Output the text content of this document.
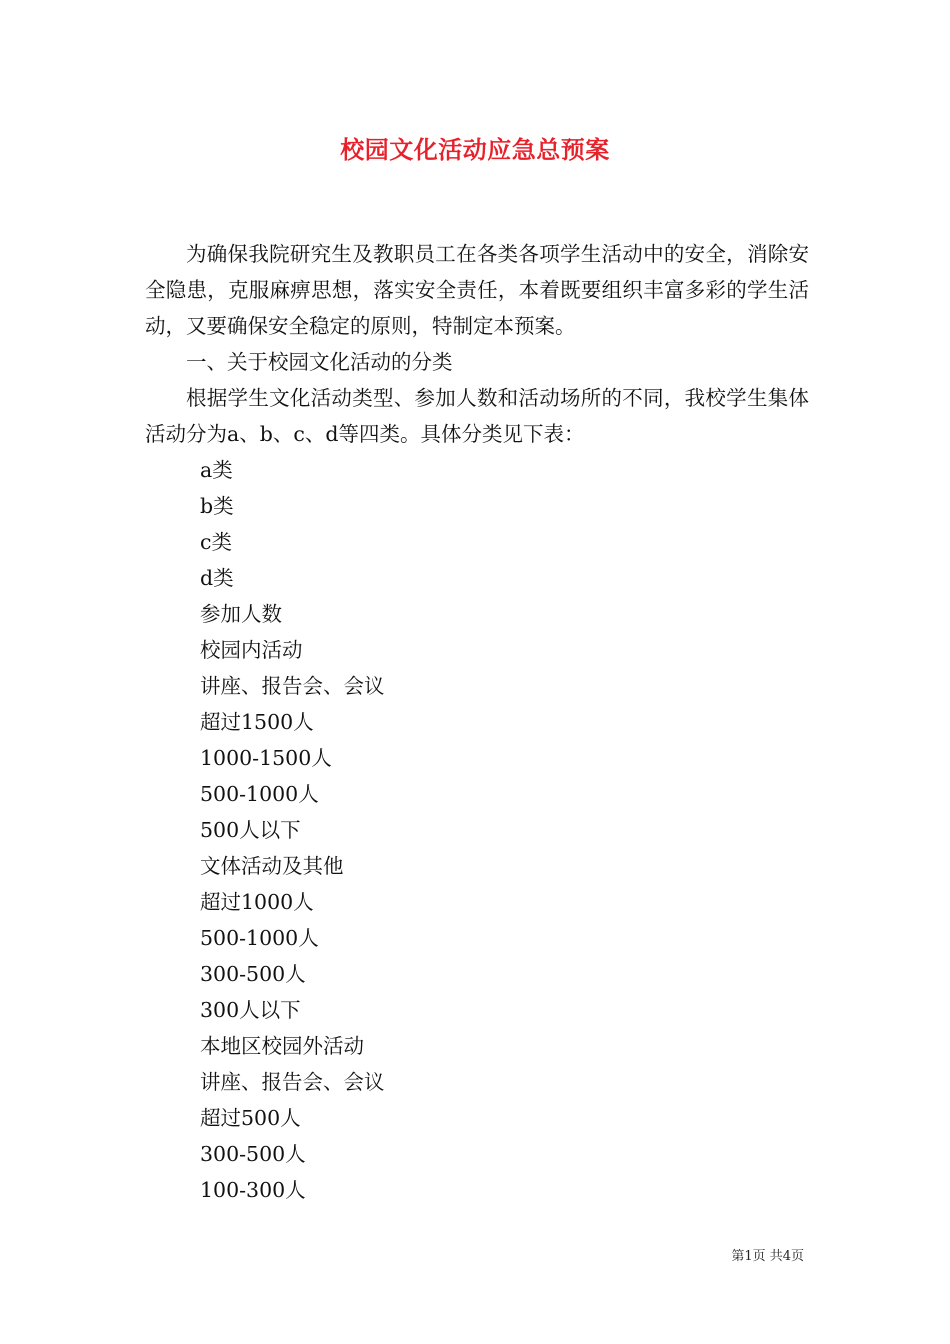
校园文化活动应急总预案

为确保我院研究生及教职员工在各类各项学生活动中的安全，消除安全隐患，克服麻痹思想，落实安全责任，本着既要组织丰富多彩的学生活动，又要确保安全稳定的原则，特制定本预案。

一、关于校园文化活动的分类

根据学生文化活动类型、参加人数和活动场所的不同，我校学生集体活动分为a、b、c、d等四类。具体分类见下表：

a类

b类

c类

d类

参加人数

校园内活动

讲座、报告会、会议

超过1500人

1000-1500人

500-1000人

500人以下

文体活动及其他

超过1000人

500-1000人

300-500人

300人以下

本地区校园外活动

讲座、报告会、会议

超过500人

300-500人

100-300人

第1页 共4页
